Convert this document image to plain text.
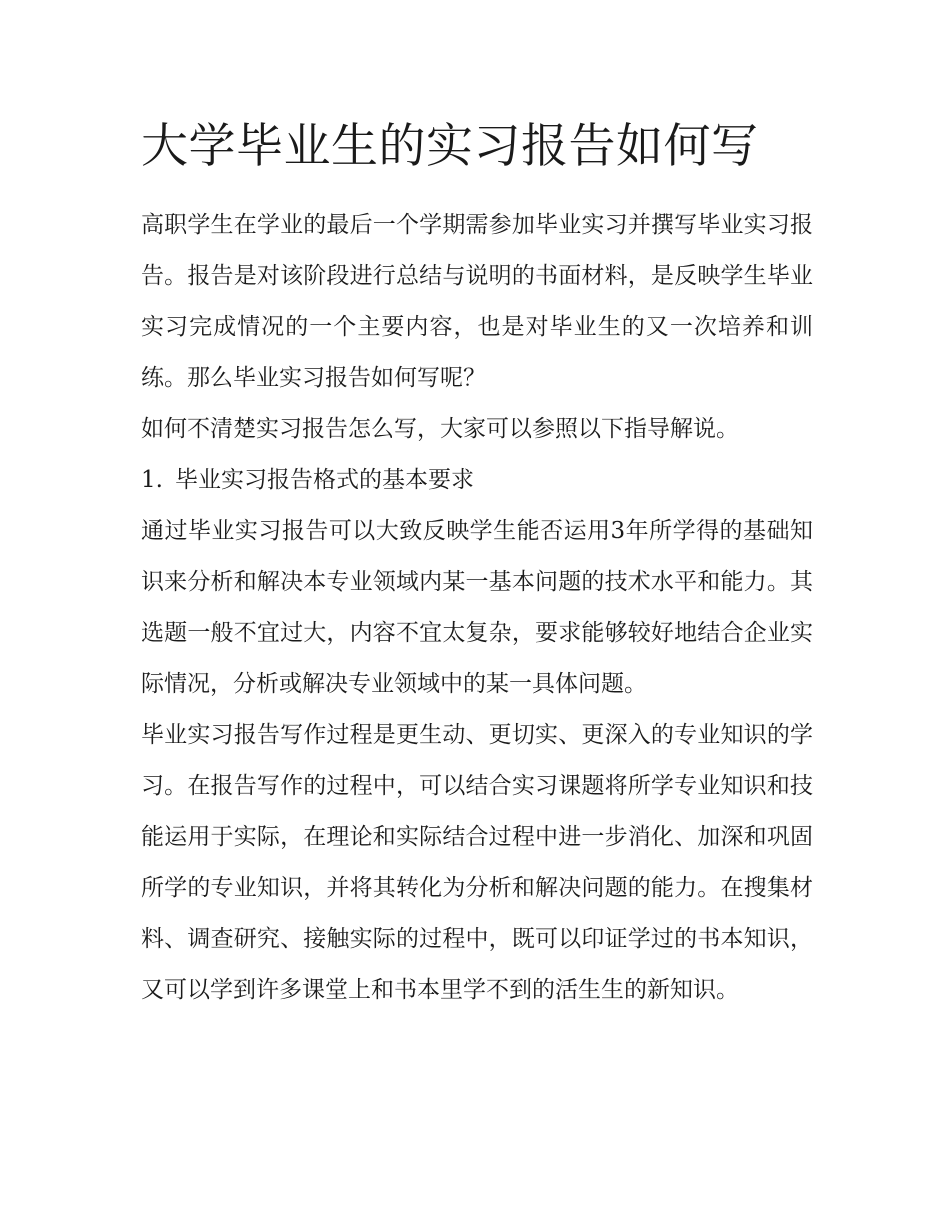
大学毕业生的实习报告如何写

高职学生在学业的最后一个学期需参加毕业实习并撰写毕业实习报告。报告是对该阶段进行总结与说明的书面材料，是反映学生毕业实习完成情况的一个主要内容，也是对毕业生的又一次培养和训练。那么毕业实习报告如何写呢？

如何不清楚实习报告怎么写，大家可以参照以下指导解说。

1. 毕业实习报告格式的基本要求

通过毕业实习报告可以大致反映学生能否运用3年所学得的基础知识来分析和解决本专业领域内某一基本问题的技术水平和能力。其选题一般不宜过大，内容不宜太复杂，要求能够较好地结合企业实际情况，分析或解决专业领域中的某一具体问题。

毕业实习报告写作过程是更生动、更切实、更深入的专业知识的学习。在报告写作的过程中，可以结合实习课题将所学专业知识和技能运用于实际，在理论和实际结合过程中进一步消化、加深和巩固所学的专业知识，并将其转化为分析和解决问题的能力。在搜集材料、调查研究、接触实际的过程中，既可以印证学过的书本知识，又可以学到许多课堂上和书本里学不到的活生生的新知识。
